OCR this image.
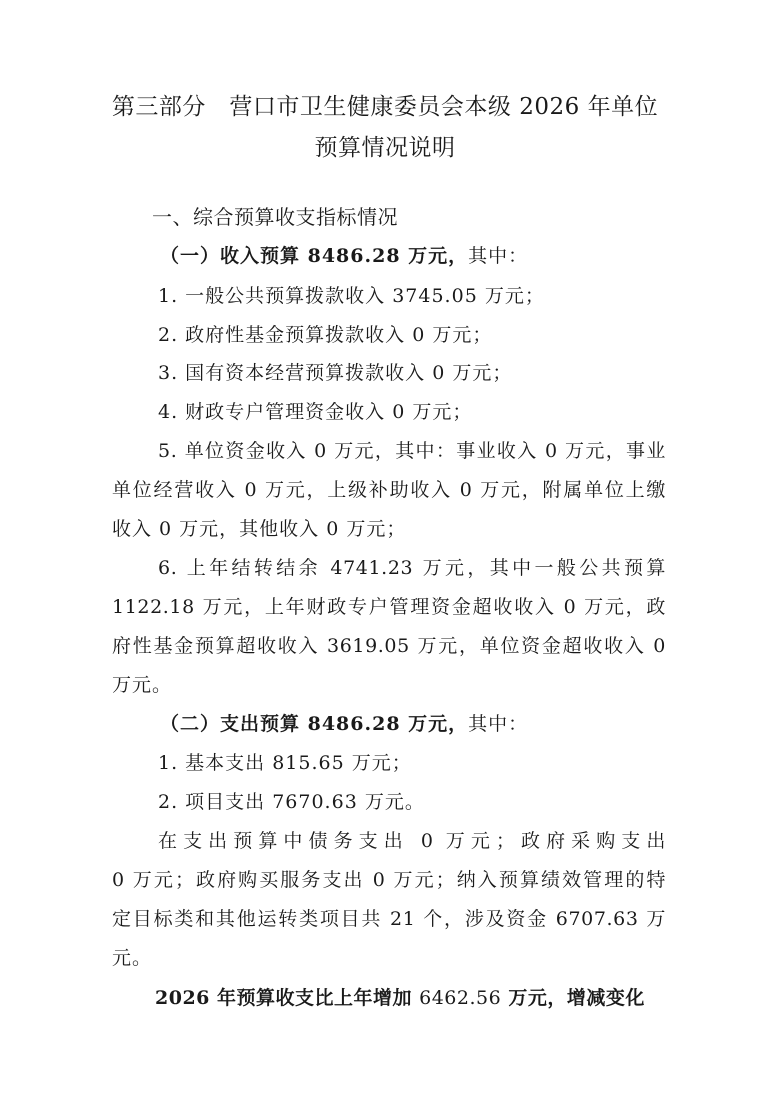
第三部分　营口市卫生健康委员会本级 2026 年单位
预算情况说明
一、综合预算收支指标情况
（一）收入预算 8486.28 万元，其中：
1. 一般公共预算拨款收入 3745.05 万元；
2. 政府性基金预算拨款收入 0 万元；
3. 国有资本经营预算拨款收入 0 万元；
4. 财政专户管理资金收入 0 万元；
5. 单位资金收入 0 万元，其中：事业收入 0 万元，事业
单位经营收入 0 万元，上级补助收入 0 万元，附属单位上缴
收入 0 万元，其他收入 0 万元；
6. 上年结转结余 4741.23 万元，其中一般公共预算
1122.18 万元，上年财政专户管理资金超收收入 0 万元，政
府性基金预算超收收入 3619.05 万元，单位资金超收收入 0
万元。
（二）支出预算 8486.28 万元，其中：
1. 基本支出 815.65 万元；
2. 项目支出 7670.63 万元。
在支出预算中债务支出 0 万元；政府采购支出
0 万元；政府购买服务支出 0 万元；纳入预算绩效管理的特
定目标类和其他运转类项目共 21 个，涉及资金 6707.63 万
元。
2026 年预算收支比上年增加 6462.56 万元，增减变化
